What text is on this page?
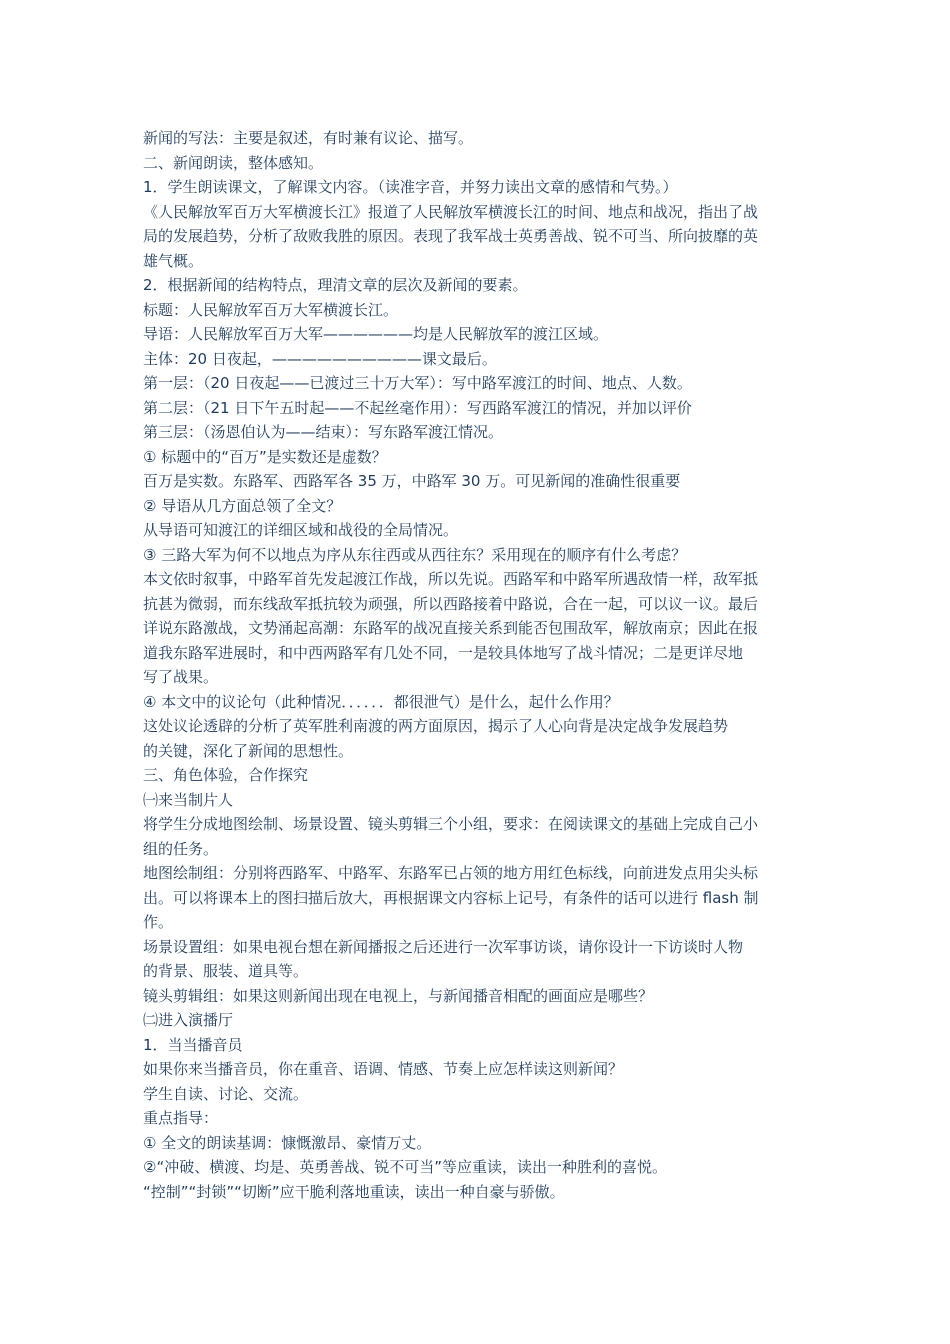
新闻的写法：主要是叙述，有时兼有议论、描写。
二、新闻朗读，整体感知。
1．学生朗读课文，了解课文内容。（读准字音，并努力读出文章的感情和气势。）
《人民解放军百万大军横渡长江》报道了人民解放军横渡长江的时间、地点和战况，指出了战
局的发展趋势，分析了敌败我胜的原因。表现了我军战士英勇善战、锐不可当、所向披靡的英
雄气概。
2．根据新闻的结构特点，理清文章的层次及新闻的要素。
标题：人民解放军百万大军横渡长江。
导语：人民解放军百万大军——————均是人民解放军的渡江区域。
主体：20 日夜起，——————————课文最后。
第一层：（20 日夜起——已渡过三十万大军）：写中路军渡江的时间、地点、人数。
第二层：（21 日下午五时起——不起丝毫作用）：写西路军渡江的情况，并加以评价
第三层：（汤恩伯认为——结束）：写东路军渡江情况。
① 标题中的“百万”是实数还是虚数？
百万是实数。东路军、西路军各 35 万，中路军 30 万。可见新闻的准确性很重要
② 导语从几方面总领了全文？
从导语可知渡江的详细区域和战役的全局情况。
③ 三路大军为何不以地点为序从东往西或从西往东？采用现在的顺序有什么考虑？
本文依时叙事，中路军首先发起渡江作战，所以先说。西路军和中路军所遇敌情一样，敌军抵
抗甚为微弱，而东线敌军抵抗较为顽强，所以西路接着中路说，合在一起，可以议一议。最后
详说东路激战，文势涌起高潮：东路军的战况直接关系到能否包围敌军，解放南京；因此在报
道我东路军进展时，和中西两路军有几处不同，一是较具体地写了战斗情况；二是更详尽地
写了战果。
④ 本文中的议论句（此种情况．．．．．．都很泄气）是什么，起什么作用？
这处议论透辟的分析了英军胜利南渡的两方面原因，揭示了人心向背是决定战争发展趋势
的关键，深化了新闻的思想性。
三、角色体验，合作探究
㈠来当制片人
将学生分成地图绘制、场景设置、镜头剪辑三个小组，要求：在阅读课文的基础上完成自己小
组的任务。
地图绘制组：分别将西路军、中路军、东路军已占领的地方用红色标线，向前进发点用尖头标
出。可以将课本上的图扫描后放大，再根据课文内容标上记号，有条件的话可以进行 flash 制
作。
场景设置组：如果电视台想在新闻播报之后还进行一次军事访谈，请你设计一下访谈时人物
的背景、服装、道具等。
镜头剪辑组：如果这则新闻出现在电视上，与新闻播音相配的画面应是哪些？
㈡进入演播厅
1．当当播音员
如果你来当播音员，你在重音、语调、情感、节奏上应怎样读这则新闻？
学生自读、讨论、交流。
重点指导：
① 全文的朗读基调：慷慨激昂、豪情万丈。
②“冲破、横渡、均是、英勇善战、锐不可当”等应重读，读出一种胜利的喜悦。
“控制”“封锁”“切断”应干脆利落地重读，读出一种自豪与骄傲。
